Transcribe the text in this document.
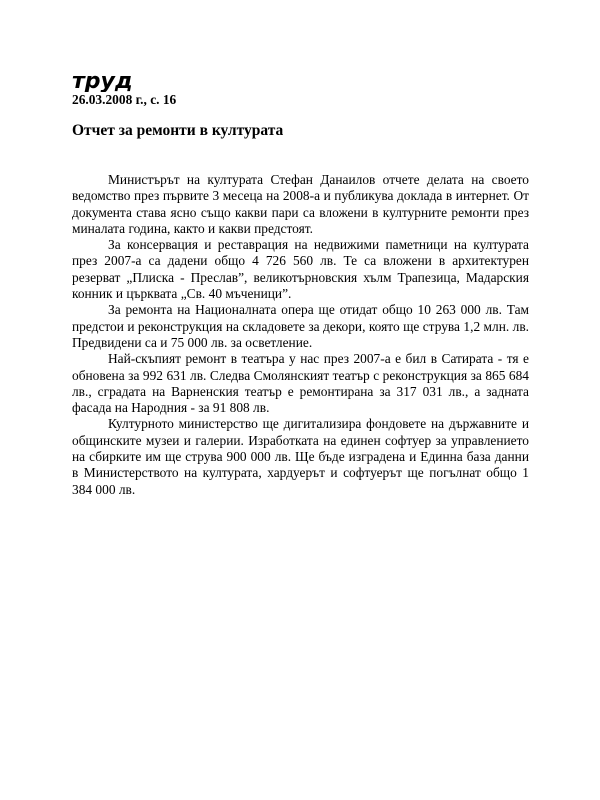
труд
26.03.2008 г., с. 16
Отчет за ремонти в културата

Министърът на културата Стефан Данаилов отчете делата на своето ведомство през първите 3 месеца на 2008-а и публикува доклада в интернет. От документа става ясно също какви пари са вложени в културните ремонти през миналата година, както и какви предстоят.

За консервация и реставрация на недвижими паметници на културата през 2007-а са дадени общо 4 726 560 лв. Те са вложени в архитектурен резерват „Плиска - Преслав”, великотърновския хълм Трапезица, Мадарския конник и църквата „Св. 40 мъченици”.

За ремонта на Националната опера ще отидат общо 10 263 000 лв. Там предстои и реконструкция на складовете за декори, която ще струва 1,2 млн. лв. Предвидени са и 75 000 лв. за осветление.

Най-скъпият ремонт в театъра у нас през 2007-а е бил в Сатирата - тя е обновена за 992 631 лв. Следва Смолянският театър с реконструкция за 865 684 лв., сградата на Варненския театър е ремонтирана за 317 031 лв., а задната фасада на Народния - за 91 808 лв.

Културното министерство ще дигитализира фондовете на държавните и общинските музеи и галерии. Изработката на единен софтуер за управлението на сбирките им ще струва 900 000 лв. Ще бъде изградена и Единна база данни в Министерството на културата, хардуерът и софтуерът ще погълнат общо 1 384 000 лв.
